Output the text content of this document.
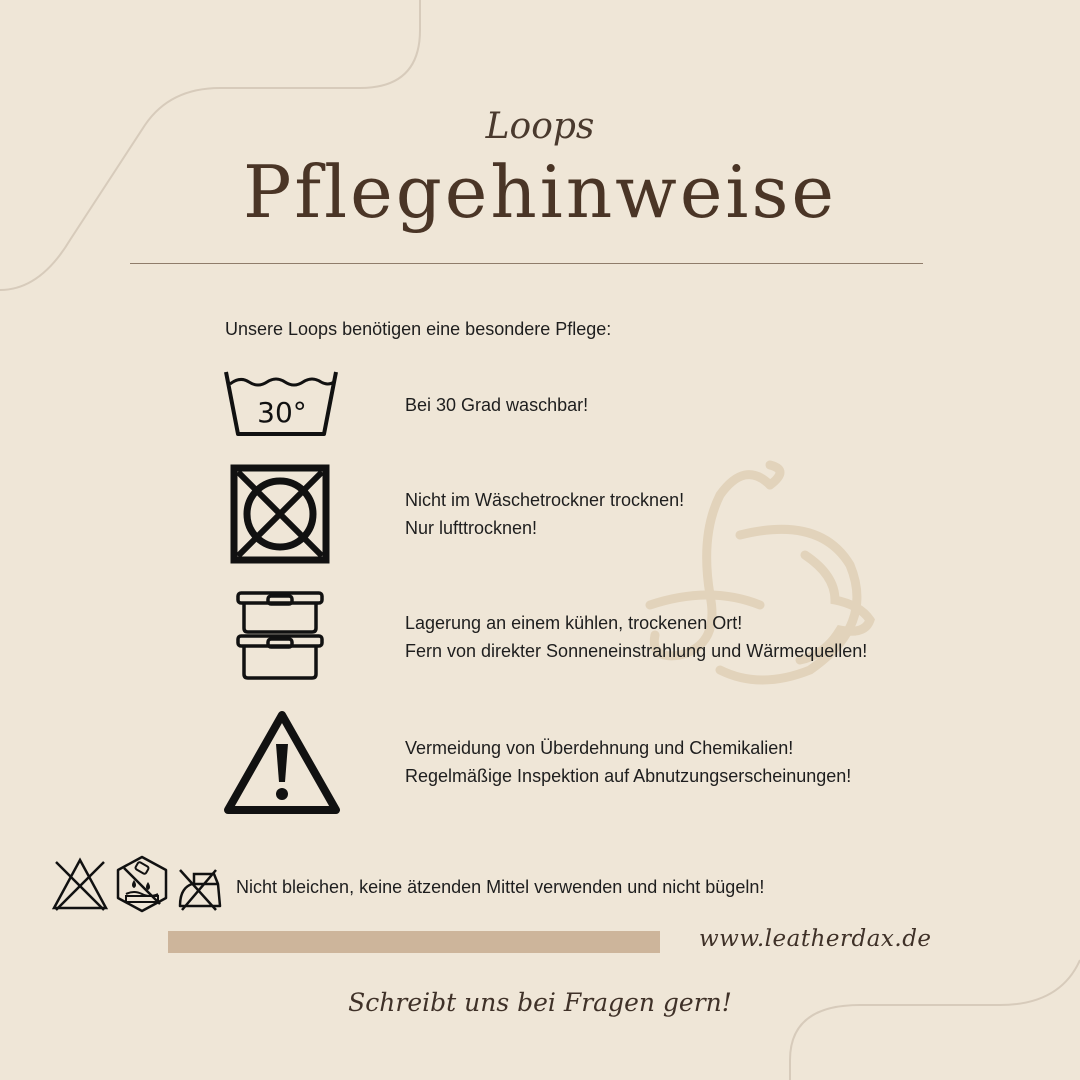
Loops
Pflegehinweise
Unsere Loops benötigen eine besondere Pflege:
30°	Bei 30 Grad waschbar!
Nicht im Wäschetrockner trocknen!
Nur lufttrocknen!
Lagerung an einem kühlen, trockenen Ort!
Fern von direkter Sonneneinstrahlung und Wärmequellen!
Vermeidung von Überdehnung und Chemikalien!
Regelmäßige Inspektion auf Abnutzungserscheinungen!
Nicht bleichen, keine ätzenden Mittel verwenden und nicht bügeln!
www.leatherdax.de
Schreibt uns bei Fragen gern!
